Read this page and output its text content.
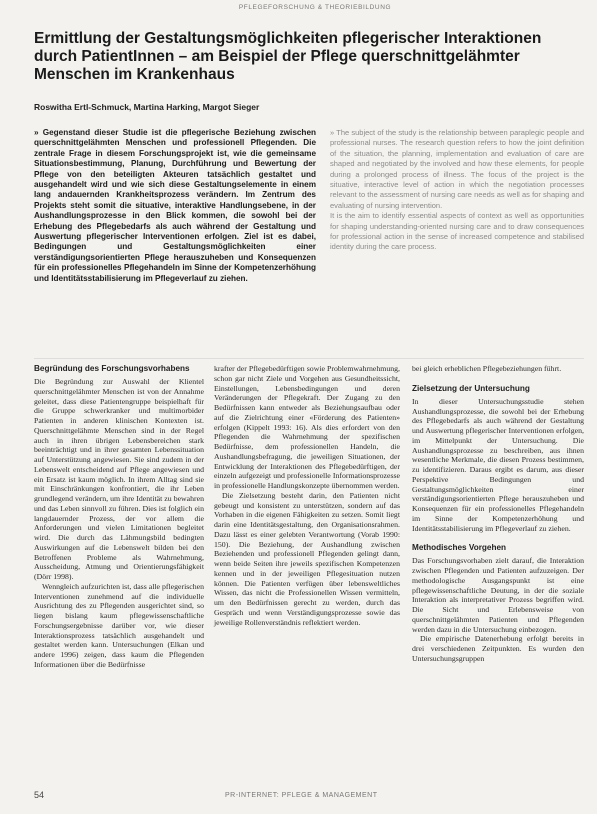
PFLEGEFORSCHUNG & THEORIEBILDUNG
Ermittlung der Gestaltungsmöglichkeiten pflegerischer Interaktionen durch PatientInnen – am Beispiel der Pflege querschnittgelähmter Menschen im Krankenhaus
Roswitha Ertl-Schmuck, Martina Harking, Margot Sieger

» Gegenstand dieser Studie ist die pflegerische Beziehung zwischen querschnittgelähmten Menschen und professionell Pflegenden. Die zentrale Frage in diesem Forschungsprojekt ist, wie die gemeinsame Situationsbestimmung, Planung, Durchführung und Bewertung der Pflege von den beteiligten Akteuren tatsächlich gestaltet und ausgehandelt wird und wie sich diese Gestaltungselemente in einem lang andauernden Krankheitsprozess verändern. Im Zentrum des Projekts steht somit die situative, interaktive Handlungsebene, in der Aushandlungsprozesse in den Blick kommen, die sowohl bei der Erhebung des Pflegebedarfs als auch während der Gestaltung und Auswertung pflegerischer Interventionen erfolgen. Ziel ist es dabei, Bedingungen und Gestaltungsmöglichkeiten einer verständigungsorientierten Pflege herauszuheben und Konsequenzen für ein professionelles Pflegehandeln im Sinne der Kompetenzerhöhung und Identitätsstabilisierung im Pflegeverlauf zu ziehen.

» The subject of the study is the relationship between paraplegic people and professional nurses. The research question refers to how the joint definition of the situation, the planning, implementation and evaluation of care are shaped and negotiated by the involved and how these elements, for people during a prolonged process of illness. The focus of the project is the situative, interactive level of action in which the negotiation processes relevant to the assessment of nursing care needs as well as for shaping and evaluating of nursing intervention.

It is the aim to identify essential aspects of context as well as opportunities for shaping understanding-oriented nursing care and to draw consequences for professional action in the sense of increased competence and stabilised identity during the care process.

Begründung des Forschungsvorhabens

Die Begründung zur Auswahl der Klientel querschnittgelähmter Menschen ist von der Annahme geleitet, dass diese Patientengruppe beispielhaft für die Gruppe schwerkranker und multimorbider Patienten in anderen klinischen Kontexten ist. Querschnittgelähmte Menschen sind in der Regel auch in ihren übrigen Lebensbereichen stark beeinträchtigt und in ihrer gesamten Lebenssituation auf Unterstützung angewiesen. Sie sind zudem in der Lebenswelt entscheidend auf Pflege angewiesen und ein Ersatz ist kaum möglich. In ihrem Alltag sind sie mit Einschränkungen konfrontiert, die ihr Leben grundlegend verändern, um ihre Identität zu bewahren und das Leben sinnvoll zu führen. Dies ist folglich ein langdauernder Prozess, der vor allem die Anforderungen und vielen Limitationen begleitet wird. Die durch das Lähmungsbild bedingten Auswirkungen auf die Lebenswelt bilden bei den Betroffenen Probleme als Wahrnehmung, Ausscheidung, Atmung und Orientierungsfähigkeit (Dörr 1998).

Wenngleich aufzurichten ist, dass alle pflegerischen Interventionen zunehmend auf die individuelle Ausrichtung des zu Pflegenden ausgerichtet sind, so liegen bislang kaum pflegewissenschaftliche Forschungsergebnisse darüber vor, wie dieser Interaktionsprozess tatsächlich ausgehandelt und gestaltet werden kann. Untersuchungen (Elkan und andere 1996) zeigen, dass kaum die Pflegenden Informationen über die Bedürfnisse

krafter der Pflegebedürftigen sowie Problemwahrnehmung, schon gar nicht Ziele und Vorgehen aus Gesundheitssicht, Einstellungen, Lebensbedingungen und deren Veränderungen der Pflegekraft. Der Zugang zu den Bedürfnissen kann entweder als Beziehungsaufbau oder auf die Zielrichtung einer «Förderung des Patienten» erfolgen (Kippelt 1993: 16). Als dies erfordert von den Pflegenden die Wahrnehmung der spezifischen Bedürfnisse, dem professionellen Handeln, die Aushandlungsbefragung, die jeweiligen Situationen, der Entwicklung der Interaktionen des Pflegebedürftigen, der einzeln aufgezeigt und professionelle Informationsprozesse in professionelle Handlungskonzepte übernommen werden.

Die Zielsetzung besteht darin, den Patienten nicht gebeugt und konsistent zu unterstützen, sondern auf das Vorhaben in die eigenen Fähigkeiten zu setzen. Somit liegt darin eine Identitätsgestaltung, den Organisationsrahmen. Dazu lässt es einer gelebten Verantwortung (Vorab 1990: 150). Die Beziehung, der Aushandlung zwischen Beziehenden und professionell Pflegenden gelingt dann, wenn beide Seiten ihre jeweils spezifischen Kompetenzen kennen und in der jeweiligen Pflegesituation nutzen können. Die Patienten verfügen über lebensweltliches Wissen, das nicht die Professionellen Wissen vermitteln, um den Bedürfnissen gerecht zu werden, durch das Gespräch und wenn Verständigungsprozesse sowie das jeweilige Rollenverständnis reflektiert werden.

bei gleich erheblichen Pflegebeziehungen führt.

Zielsetzung der Untersuchung

In dieser Untersuchungsstudie stehen Aushandlungsprozesse, die sowohl bei der Erhebung des Pflegebedarfs als auch während der Gestaltung und Auswertung pflegerischer Interventionen erfolgen, im Mittelpunkt der Untersuchung. Die Aushandlungsprozesse zu beschreiben, aus ihnen wesentliche Merkmale, die diesen Prozess bestimmen, zu identifizieren. Daraus ergibt es darum, aus dieser Perspektive Bedingungen und Gestaltungsmöglichkeiten einer verständigungsorientierten Pflege herauszuheben und Konsequenzen für ein professionelles Pflegehandeln im Sinne der Kompetenzerhöhung und Identitätsstabilisierung im Pflegeverlauf zu ziehen.

Methodisches Vorgehen

Das Forschungsvorhaben zielt darauf, die Interaktion zwischen Pflegenden und Patienten aufzuzeigen. Der methodologische Ausgangspunkt ist eine pflegewissenschaftliche Deutung, in der die soziale Interaktion als interpretativer Prozess begriffen wird. Die Sicht und Erlebensweise von querschnittgelähmten Patienten und Pflegenden werden dazu in die Untersuchung einbezogen.

Die empirische Datenerhebung erfolgt bereits in drei verschiedenen Zeitpunkten. Es wurden den Untersuchungsgruppen

54	PR-INTERNET: PFLEGE & MANAGEMENT
